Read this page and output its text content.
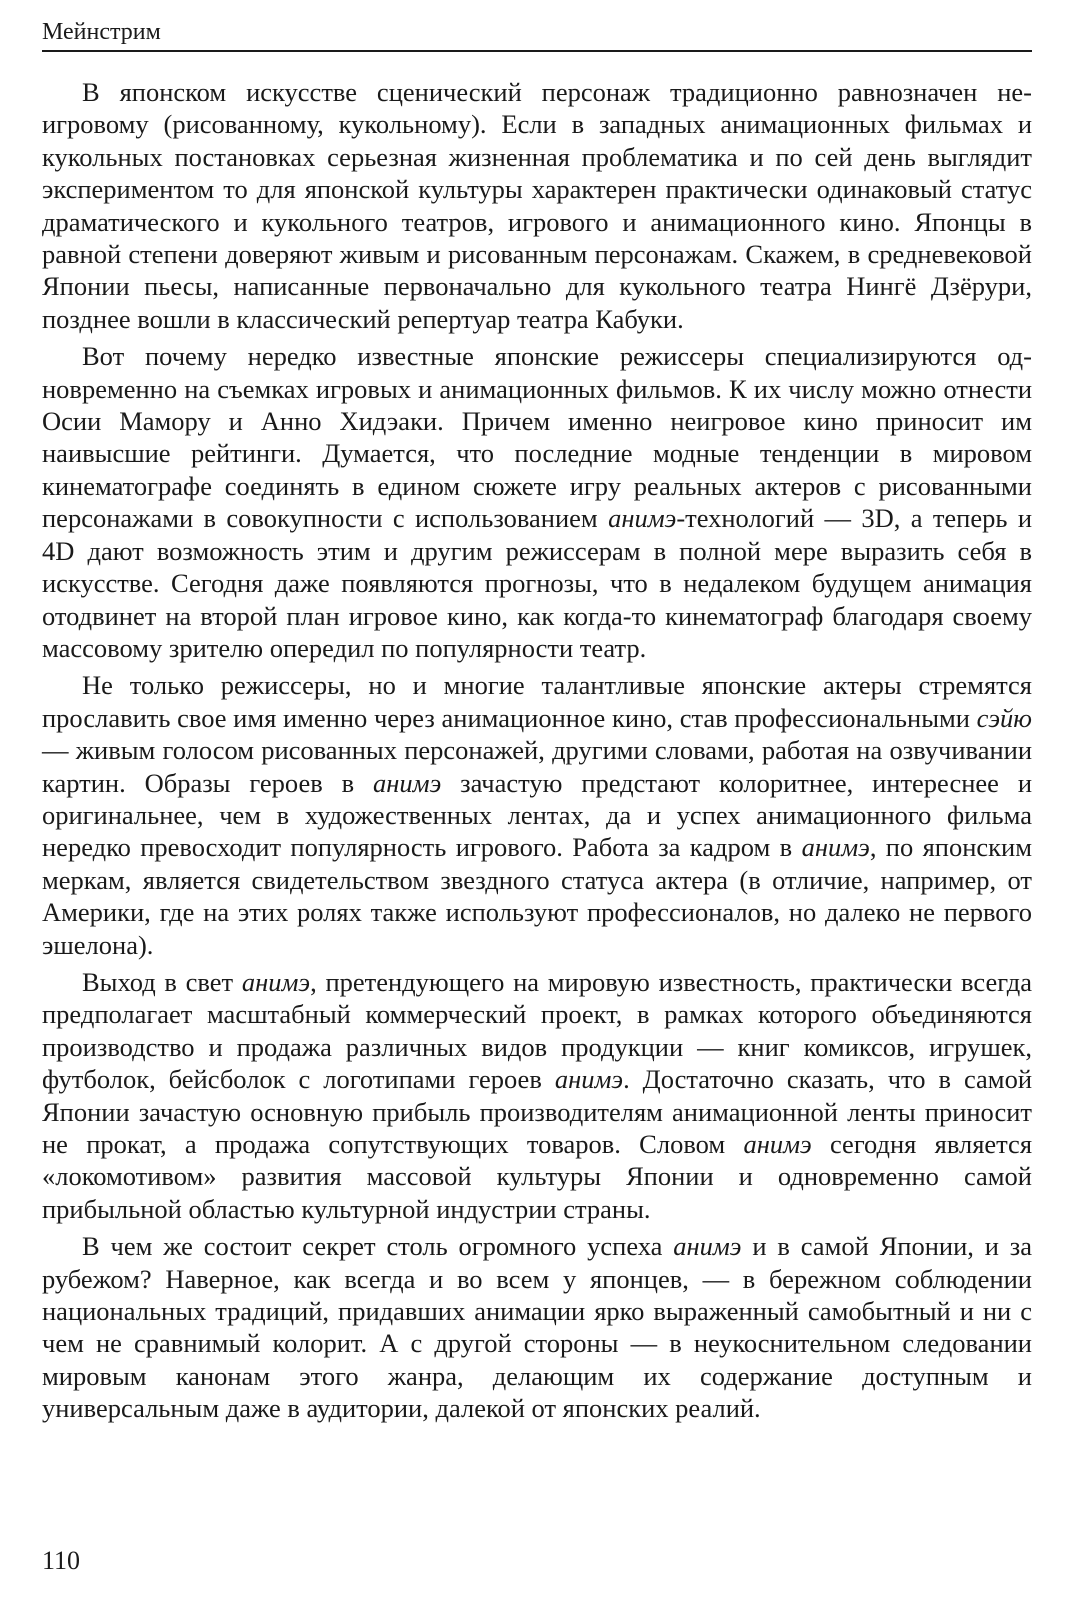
Мейнстрим

В японском искусстве сценический персонаж традиционно равнозначен неигровому (рисованному, кукольному). Если в западных анимационных фильмах и кукольных постановках серьезная жизненная проблематика и по сей день выглядит экспериментом то для японской культуры характерен практически одинаковый статус драматического и кукольного театров, игрового и анимационного кино. Японцы в равной степени доверяют живым и рисованным персонажам. Скажем, в средневековой Японии пьесы, написанные первоначально для кукольного театра Нингё Дзёрури, позднее вошли в классический репертуар театра Кабуки.

Вот почему нередко известные японские режиссеры специализируются одновременно на съемках игровых и анимационных фильмов. К их числу можно отнести Осии Мамору и Анно Хидэаки. Причем именно неигровое кино приносит им наивысшие рейтинги. Думается, что последние модные тенденции в мировом кинематографе соединять в едином сюжете игру реальных актеров с рисованными персонажами в совокупности с использованием анимэ-технологий — 3D, а теперь и 4D дают возможность этим и другим режиссерам в полной мере выразить себя в искусстве. Сегодня даже появляются прогнозы, что в недалеком будущем анимация отодвинет на второй план игровое кино, как когда-то кинематограф благодаря своему массовому зрителю опередил по популярности театр.

Не только режиссеры, но и многие талантливые японские актеры стремятся прославить свое имя именно через анимационное кино, став профессиональными сэйю — живым голосом рисованных персонажей, другими словами, работая на озвучивании картин. Образы героев в анимэ зачастую предстают колоритнее, интереснее и оригинальнее, чем в художественных лентах, да и успех анимационного фильма нередко превосходит популярность игрового. Работа за кадром в анимэ, по японским меркам, является свидетельством звездного статуса актера (в отличие, например, от Америки, где на этих ролях также используют профессионалов, но далеко не первого эшелона).

Выход в свет анимэ, претендующего на мировую известность, практически всегда предполагает масштабный коммерческий проект, в рамках которого объединяются производство и продажа различных видов продукции — книг комиксов, игрушек, футболок, бейсболок с логотипами героев анимэ. Достаточно сказать, что в самой Японии зачастую основную прибыль производителям анимационной ленты приносит не прокат, а продажа сопутствующих товаров. Словом анимэ сегодня является «локомотивом» развития массовой культуры Японии и одновременно самой прибыльной областью культурной индустрии страны.

В чем же состоит секрет столь огромного успеха анимэ и в самой Японии, и за рубежом? Наверное, как всегда и во всем у японцев, — в бережном соблюдении национальных традиций, придавших анимации ярко выраженный самобытный и ни с чем не сравнимый колорит. А с другой стороны — в неукоснительном следовании мировым канонам этого жанра, делающим их содержание доступным и универсальным даже в аудитории, далекой от японских реалий.

110
